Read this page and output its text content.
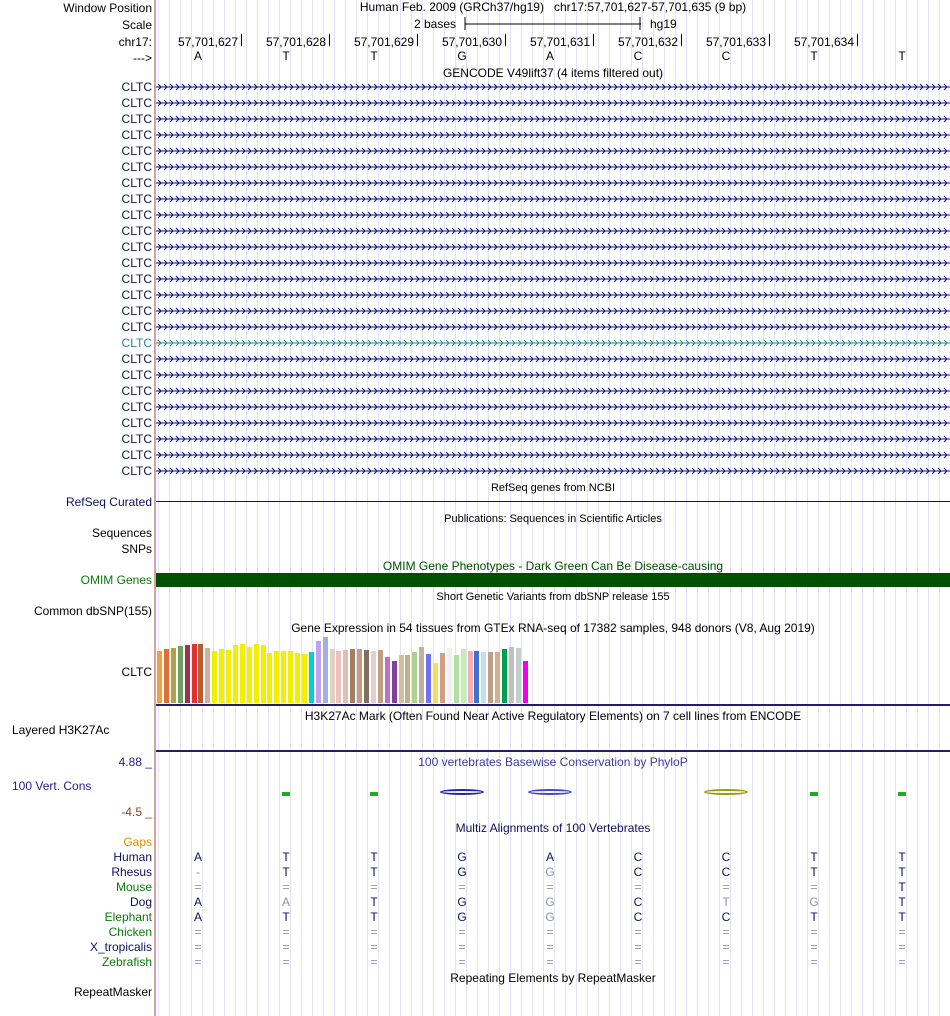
Window Position
Scale
chr17:
--->
CLTC
CLTC
CLTC
CLTC
CLTC
CLTC
CLTC
CLTC
CLTC
CLTC
CLTC
CLTC
CLTC
CLTC
CLTC
CLTC
CLTC
CLTC
CLTC
CLTC
CLTC
CLTC
CLTC
CLTC
CLTC
RefSeq Curated
Sequences
SNPs
OMIM Genes
Common dbSNP(155)
CLTC
Layered H3K27Ac
4.88 _
100 Vert. Cons
-4.5 _
Gaps
Human
Rhesus
Mouse
Dog
Elephant
Chicken
X_tropicalis
Zebrafish
RepeatMasker
Human Feb. 2009 (GRCh37/hg19) chr17:57,701,627-57,701,635 (9 bp)
2 bases	hg19
57,701,627 57,701,628 57,701,629 57,701,630 57,701,631 57,701,632 57,701,633 57,701,634
A	T	T	G	A	C	C	T	T
GENCODE V49lift37 (4 items filtered out)
RefSeq genes from NCBI
Publications: Sequences in Scientific Articles
OMIM Gene Phenotypes - Dark Green Can Be Disease-causing
Short Genetic Variants from dbSNP release 155
Gene Expression in 54 tissues from GTEx RNA-seq of 17382 samples, 948 donors (V8, Aug 2019)
H3K27Ac Mark (Often Found Near Active Regulatory Elements) on 7 cell lines from ENCODE
100 vertebrates Basewise Conservation by PhyloP
Multiz Alignments of 100 Vertebrates
A	T	T	G	A	C	C	T	T
-	T	T	G	G	C	C	T	T
=	=	=	=	=	=	=	=	T
A	A	T	G	G	C	T	G	T
A	T	T	G	G	C	C	T	T
=	=	=	=	=	=	=	=	=
=	=	=	=	=	=	=	=	=
=	=	=	=	=	=	=	=	=
Repeating Elements by RepeatMasker
